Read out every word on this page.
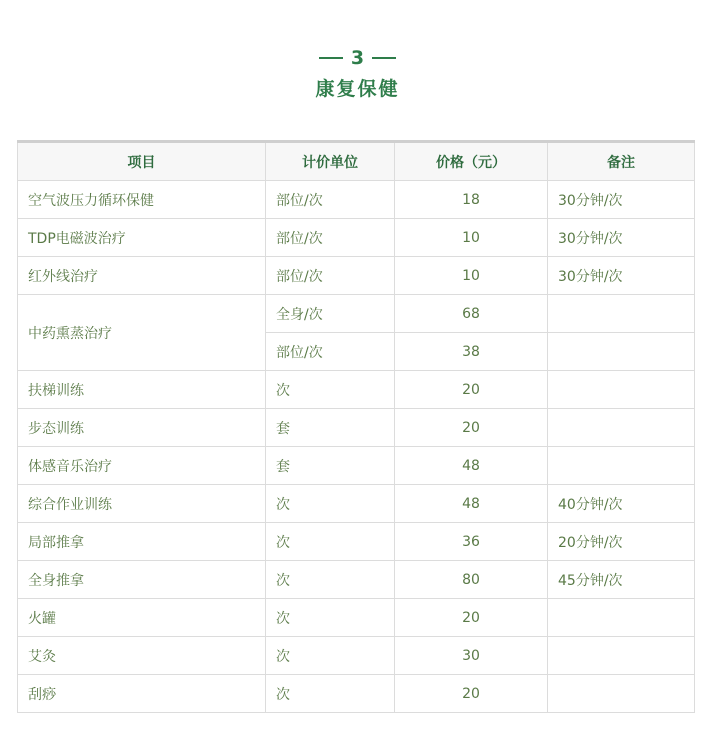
3
康复保健
项目	计价单位	价格（元）	备注
空气波压力循环保健	部位/次	18	30分钟/次
TDP电磁波治疗	部位/次	10	30分钟/次
红外线治疗	部位/次	10	30分钟/次
中药熏蒸治疗	全身/次	68	
	部位/次	38	
扶梯训练	次	20	
步态训练	套	20	
体感音乐治疗	套	48	
综合作业训练	次	48	40分钟/次
局部推拿	次	36	20分钟/次
全身推拿	次	80	45分钟/次
火罐	次	20	
艾灸	次	30	
刮痧	次	20	
